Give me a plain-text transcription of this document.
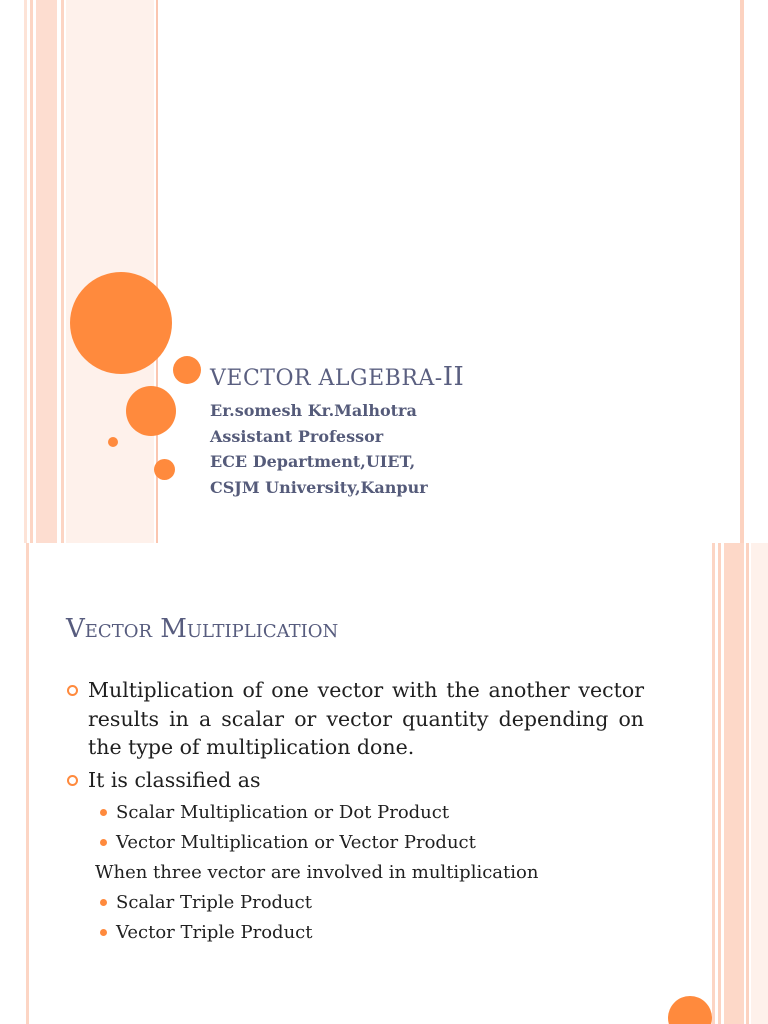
VECTOR ALGEBRA-II
Er.somesh Kr.Malhotra
Assistant Professor
ECE Department,UIET,
CSJM University,Kanpur
Vector Multiplication
Multiplication of one vector with the another vector results in a scalar or vector quantity depending on the type of multiplication done.
It is classified as
Scalar Multiplication or Dot Product
Vector Multiplication or Vector Product
When three vector are involved in multiplication
Scalar Triple Product
Vector Triple Product
